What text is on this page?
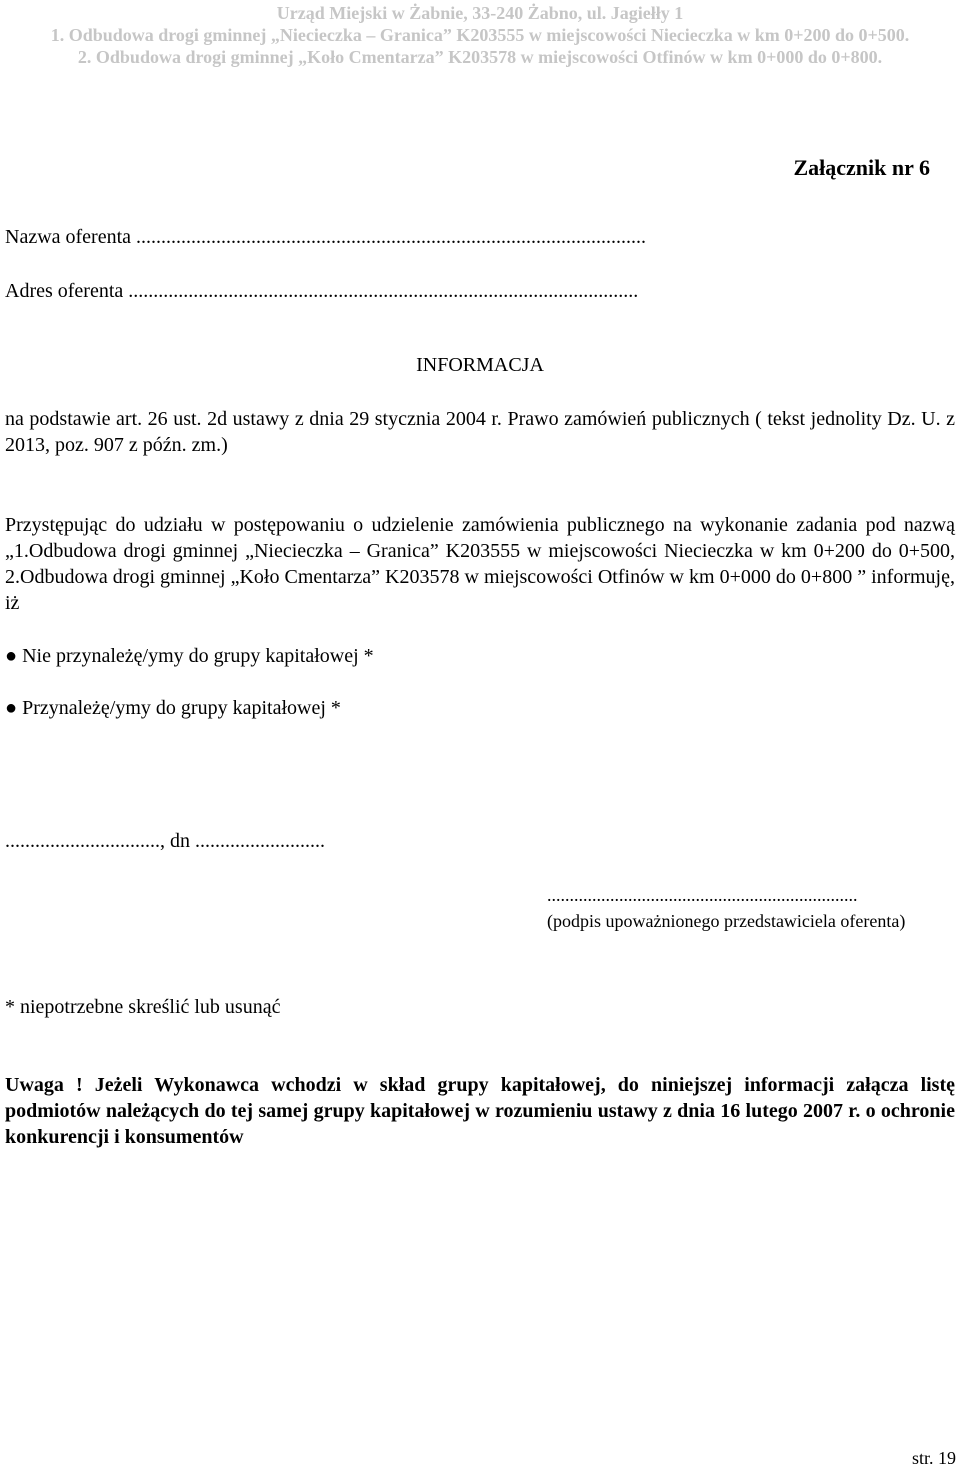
Urząd Miejski w Żabnie, 33-240 Żabno, ul. Jagiełły 1
1. Odbudowa drogi gminnej „Niecieczka – Granica” K203555 w miejscowości Niecieczka w km 0+200 do 0+500.
2. Odbudowa drogi gminnej „Koło Cmentarza” K203578 w miejscowości Otfinów w km 0+000 do 0+800.
Załącznik nr 6
Nazwa oferenta ......................................................................................................
Adres oferenta ......................................................................................................
INFORMACJA
na podstawie art. 26 ust. 2d ustawy z dnia 29 stycznia 2004 r. Prawo zamówień publicznych ( tekst jednolity Dz. U. z 2013, poz. 907 z późn. zm.)
Przystępując do udziału w postępowaniu o udzielenie zamówienia publicznego na wykonanie zadania pod nazwą „1.Odbudowa drogi gminnej „Niecieczka – Granica” K203555 w miejscowości Niecieczka w km 0+200 do 0+500, 2.Odbudowa drogi gminnej „Koło Cmentarza” K203578 w miejscowości Otfinów w km 0+000 do 0+800 ” informuję, iż
● Nie przynależę/ymy do grupy kapitałowej *
● Przynależę/ymy do grupy kapitałowej *
..............................., dn ..........................
.....................................................................
(podpis upoważnionego przedstawiciela oferenta)
* niepotrzebne skreślić lub usunąć
Uwaga ! Jeżeli Wykonawca wchodzi w skład grupy kapitałowej, do niniejszej informacji załącza listę podmiotów należących do tej samej grupy kapitałowej w rozumieniu ustawy z dnia 16 lutego 2007 r. o ochronie konkurencji i konsumentów
str. 19
